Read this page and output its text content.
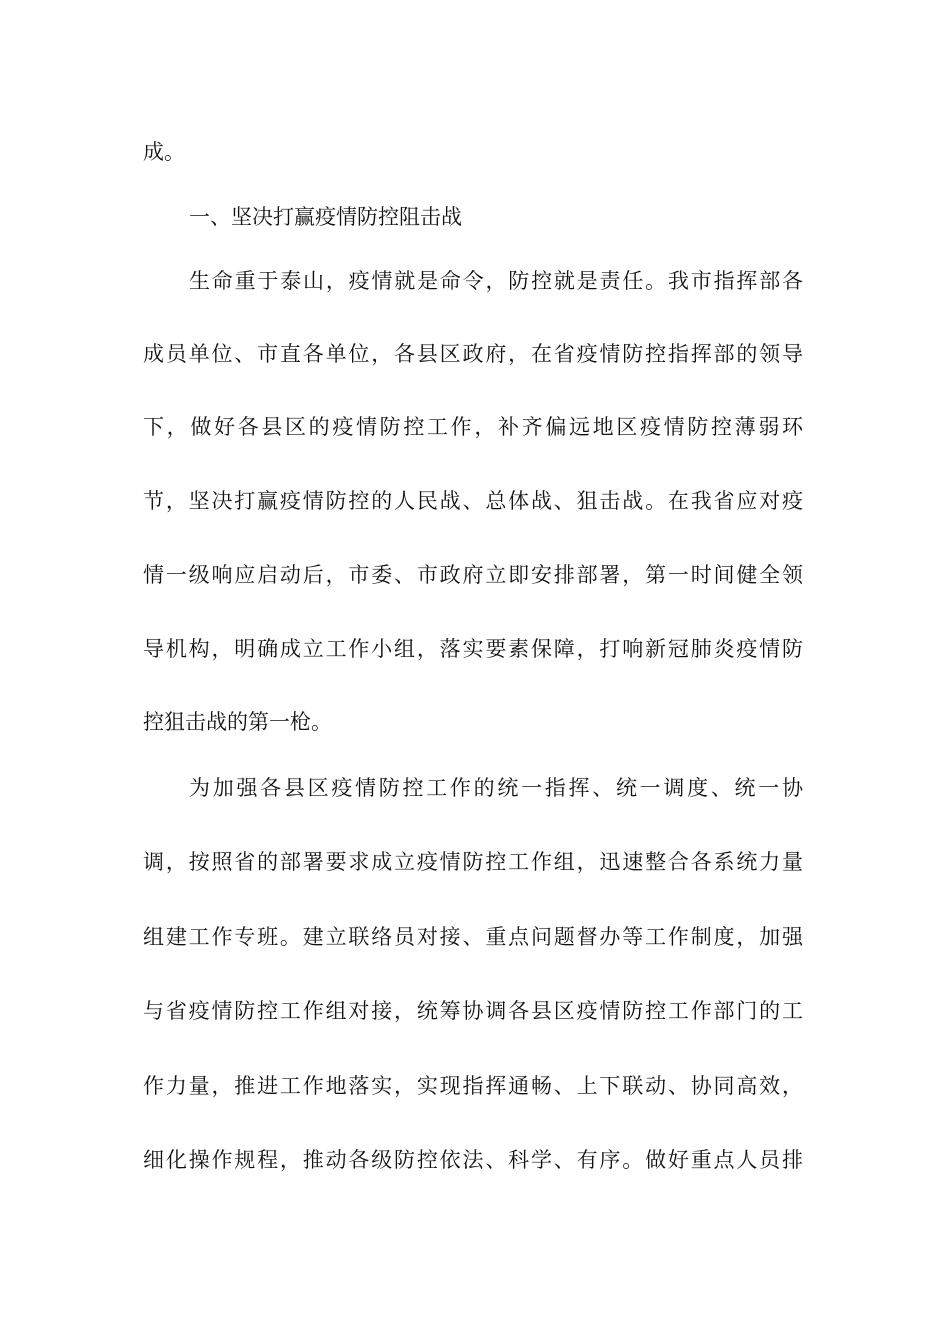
成。
一、坚决打赢疫情防控阻击战
生命重于泰山，疫情就是命令，防控就是责任。我市指挥部各
成员单位、市直各单位，各县区政府，在省疫情防控指挥部的领导
下，做好各县区的疫情防控工作，补齐偏远地区疫情防控薄弱环
节，坚决打赢疫情防控的人民战、总体战、狙击战。在我省应对疫
情一级响应启动后，市委、市政府立即安排部署，第一时间健全领
导机构，明确成立工作小组，落实要素保障，打响新冠肺炎疫情防
控狙击战的第一枪。
为加强各县区疫情防控工作的统一指挥、统一调度、统一协
调，按照省的部署要求成立疫情防控工作组，迅速整合各系统力量
组建工作专班。建立联络员对接、重点问题督办等工作制度，加强
与省疫情防控工作组对接，统筹协调各县区疫情防控工作部门的工
作力量，推进工作地落实，实现指挥通畅、上下联动、协同高效，
细化操作规程，推动各级防控依法、科学、有序。做好重点人员排
